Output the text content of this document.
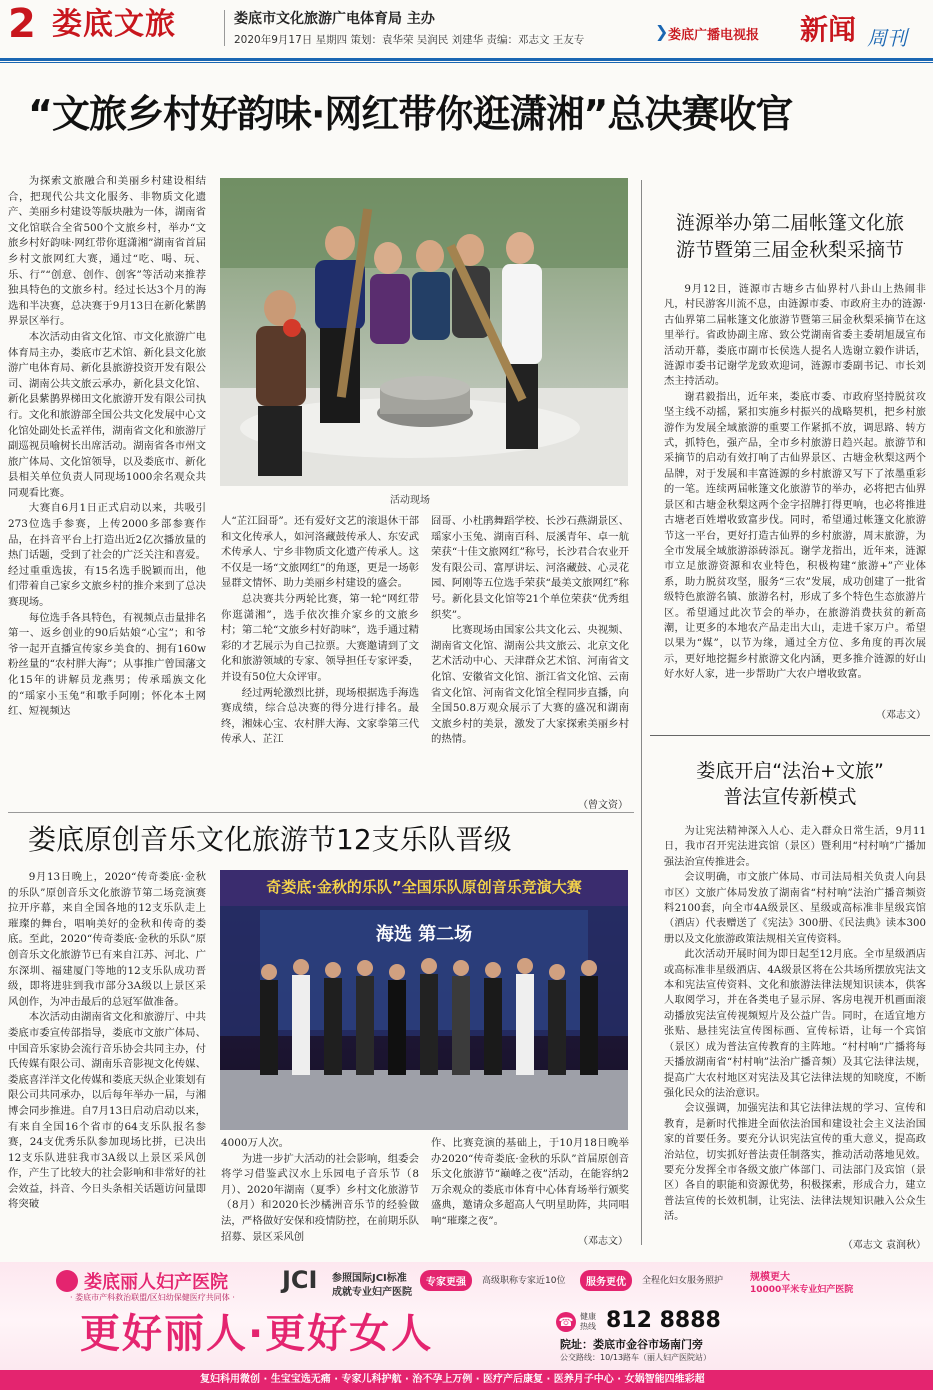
2 娄底文旅	娄底市文化旅游广电体育局 主办
2020年9月17日 星期四 策划：袁华荣 吴润民 刘建华 责编：邓志文 王友专	❯ 娄底广播电视报 新闻 周刊
“文旅乡村好韵味·网红带你逛潇湘”总决赛收官

为探索文旅融合和美丽乡村建设相结合，把现代公共文化服务、非物质文化遗产、美丽乡村建设等版块融为一体，湖南省文化馆联合全省500个文旅乡村，举办“文旅乡村好韵味·网红带你逛潇湘”湖南省首届乡村文旅网红大赛，通过“吃、喝、玩、乐、行”“创意、创作、创客”等活动来推荐独具特色的文旅乡村。经过长达3个月的海选和半决赛，总决赛于9月13日在新化紫鹊界景区举行。

本次活动由省文化馆、市文化旅游广电体育局主办，娄底市艺术馆、新化县文化旅游广电体育局、新化县旅游投资开发有限公司、湖南公共文旅云承办，新化县文化馆、新化县紫鹊界梯田文化旅游开发有限公司执行。文化和旅游部全国公共文化发展中心文化馆处副处长孟祥伟，湖南省文化和旅游厅副巡视员喻树长出席活动。湖南省各市州文旅广体局、文化馆领导，以及娄底市、新化县相关单位负责人同现场1000余名观众共同观看比赛。

大赛自6月1日正式启动以来，共吸引273位选手参赛，上传2000多部参赛作品，在抖音平台上打造出近2亿次播放量的热门话题，受到了社会的广泛关注和喜爱。经过重重选拔，有15名选手脱颖而出，他们带着自己家乡文旅乡村的推介来到了总决赛现场。

每位选手各具特色，有视频点击量排名第一、返乡创业的90后姑娘“心宝”；和爷爷一起开直播宣传家乡美食的、拥有160w粉丝量的“农村胖大海”；从事推广曾国藩文化15年的讲解员龙燕男；传承瑶族文化的“瑶家小玉兔”和歌手阿刚；怀化本土网红、短视频达

活动现场

人“芷江囧哥”。还有爱好文艺的滚退休干部和文化传承人，如河洛藏鼓传承人、东安武术传承人、宁乡非物质文化遗产传承人。这不仅是一场“文旅网红”的角逐，更是一场彰显群文情怀、助力美丽乡村建设的盛会。

总决赛共分两轮比赛，第一轮“网红带你逛潇湘”，选手依次推介家乡的文旅乡村；第二轮“文旅乡村好韵味”，选手通过精彩的才艺展示为自己拉票。大赛邀请到了文化和旅游领域的专家、领导担任专家评委，并设有50位大众评审。

经过两轮激烈比拼，现场根据选手海选赛成绩，综合总决赛的得分进行排名。最终，湘妹心宝、农村胖大海、文家拳第三代传承人、芷江

囧哥、小杜鹃舞蹈学校、长沙石燕湖景区、瑶家小玉兔、湖南百科、辰溪青年、卓一航荣获“十佳文旅网红”称号，长沙君合农业开发有限公司、富厚讲坛、河洛藏鼓、心灵花园、阿刚等五位选手荣获“最美文旅网红”称号。新化县文化馆等21个单位荣获“优秀组织奖”。

比赛现场由国家公共文化云、央视频、湖南省文化馆、湖南公共文旅云、北京文化艺术活动中心、天津群众艺术馆、河南省文化馆、安徽省文化馆、浙江省文化馆、云南省文化馆、河南省文化馆全程同步直播，向全国50.8万观众展示了大赛的盛况和湖南文旅乡村的美景，激发了大家探索美丽乡村的热情。

（曾文资）
涟源举办第二届帐篷文化旅
游节暨第三届金秋梨采摘节

9月12日，涟源市古塘乡古仙界村八卦山上热闹非凡，村民游客川流不息，由涟源市委、市政府主办的涟源·古仙界第二届帐篷文化旅游节暨第三届金秋梨采摘节在这里举行。省政协副主席、致公党湖南省委主委胡旭晟宣布活动开幕，娄底市副市长侯选人提名人选谢立毅作讲话，涟源市委书记谢学龙致欢迎词，涟源市委副书记、市长刘杰主持活动。

谢君毅指出，近年来，娄底市委、市政府坚持脱贫攻坚主线不动摇，紧扣实施乡村振兴的战略契机，把乡村旅游作为发展全域旅游的重要工作紧抓不放，调思路、转方式，抓特色，强产品，全市乡村旅游日趋兴起。旅游节和采摘节的启动有效打响了古仙界景区、古塘金秋梨这两个品牌，对于发展和丰富涟源的乡村旅游又写下了浓墨重彩的一笔。连续两届帐篷文化旅游节的举办，必将把古仙界景区和古塘金秋梨这两个金字招牌打得更响，也必将推进古塘老百姓增收致富步伐。同时，希望通过帐篷文化旅游节这一平台，更好打造古仙界的乡村旅游，周末旅游，为全市发展全域旅游添砖添瓦。谢学龙指出，近年来，涟源市立足旅游资源和农业特色，积极构建“旅游+”产业体系，助力脱贫攻坚，服务“三农”发展，成功创建了一批省级特色旅游名镇、旅游名村，形成了多个特色生态旅游片区。希望通过此次节会的举办，在旅游消费扶贫的新高潮，让更多的本地农产品走出大山，走进千家万户。希望以果为“媒”，以节为缘，通过全方位、多角度的再次展示，更好地挖掘乡村旅游文化内涵，更多推介涟源的好山好水好人家，进一步帮助广大农户增收致富。

（邓志文）
娄底开启“法治+文旅”
普法宣传新模式

为让宪法精神深入人心、走入群众日常生活，9月11日，我市召开宪法进宾馆（景区）暨利用“村村响”广播加强法治宣传推进会。

会议明确，市文旅广体局、市司法局相关负责人向县市区）文旅广体局发放了湖南省“村村响”法治广播音频资料2100套，向全市4A级景区、星级或高标准非星级宾馆（酒店）代表赠送了《宪法》300册、《民法典》读本300册以及文化旅游政策法规相关宣传资料。

此次活动开展时间为即日起至12月底。全市星级酒店或高标准非星级酒店、4A级景区将在公共场所摆放宪法文本和宪法宣传资料、文化和旅游法律法规知识读本，供客人取阅学习，并在各类电子显示屏、客房电视开机画面滚动播放宪法宣传视频短片及公益广告。同时，在适宜地方张贴、悬挂宪法宣传图标画、宣传标语，让每一个宾馆（景区）成为普法宣传教育的主阵地。“村村响”广播将每天播放湖南省“村村响”法治广播音频）及其它法律法规，提高广大农村地区对宪法及其它法律法规的知晓度，不断强化民众的法治意识。

会议强调，加强宪法和其它法律法规的学习、宣传和教育，是新时代推进全面依法治国和建设社会主义法治国家的首要任务。要充分认识宪法宣传的重大意义，提高政治站位，切实抓好普法责任制落实，推动活动落地见效。要充分发挥全市各级文旅广体部门、司法部门及宾馆（景区）各自的职能和资源优势，积极探索，形成合力，建立普法宣传的长效机制，让宪法、法律法规知识融入公众生活。

（邓志文 袁润秋）
娄底原创音乐文化旅游节12支乐队晋级

9月13日晚上，2020“传奇娄底·金秋的乐队”原创音乐文化旅游节第二场竞演赛拉开序幕，来自全国各地的12支乐队走上璀璨的舞台，唱响美好的金秋和传奇的娄底。至此，2020“传奇娄底·金秋的乐队”原创音乐文化旅游节已有来自江苏、河北、广东深圳、福建厦门等地的12支乐队成功晋级，即将进驻到我市部分3A级以上景区采风创作，为冲击最后的总冠军做准备。

本次活动由湖南省文化和旅游厅、中共娄底市委宣传部指导，娄底市文旅广体局、中国音乐家协会流行音乐协会共同主办，付氏传媒有限公司、湖南乐音影视文化传媒、娄底喜洋洋文化传媒和娄底天纵企业策划有限公司共同承办，以后每年举办一届，与湘博会同步推进。自7月13日启动启动以来，有来自全国16个省市的64支乐队报名参赛，24支优秀乐队参加现场比拼，已决出12支乐队进驻我市3A级以上景区采风创作，产生了比较大的社会影响和非常好的社会效益，抖音、今日头条相关话题访问量即将突破

奇娄底·金秋的乐队”全国乐队原创音乐竞演大赛
海选 第二场

4000万人次。

为进一步扩大活动的社会影响，组委会将学习借鉴武汉水上乐园电子音乐节（8月）、2020年湖南（夏季）乡村文化旅游节（8月）和2020长沙橘洲音乐节的经验做法，严格做好安保和疫情防控，在前期乐队招募、景区采风创

作、比赛竞演的基础上，于10月18日晚举办2020“传奇娄底·金秋的乐队”首届原创音乐文化旅游节“巅峰之夜”活动，在能容纳2万余观众的娄底市体育中心体育场举行颁奖盛典，邀请众多超高人气明星助阵，共同唱响“璀璨之夜”。

（邓志文）
娄底丽人妇产医院
· 娄底市产科救治联盟/区妇幼保健医疗共同体 ·
JCI 参照国际JCI标准
成就专业妇产医院
专家更强	高级职称专家近10位	服务更优	全程化妇女服务照护	规模更大
10000平米专业妇产医院
更好丽人·更好女人	☎ 健康热线 812 8888
院址：娄底市金谷市场南门旁
公交路线：10/13路车（丽人妇产医院站）
复妇科用微创 · 生宝宝选无痛 · 专家儿科护航 · 治不孕上万例 · 医疗产后康复 · 医养月子中心 · 女娲智能四维彩超
